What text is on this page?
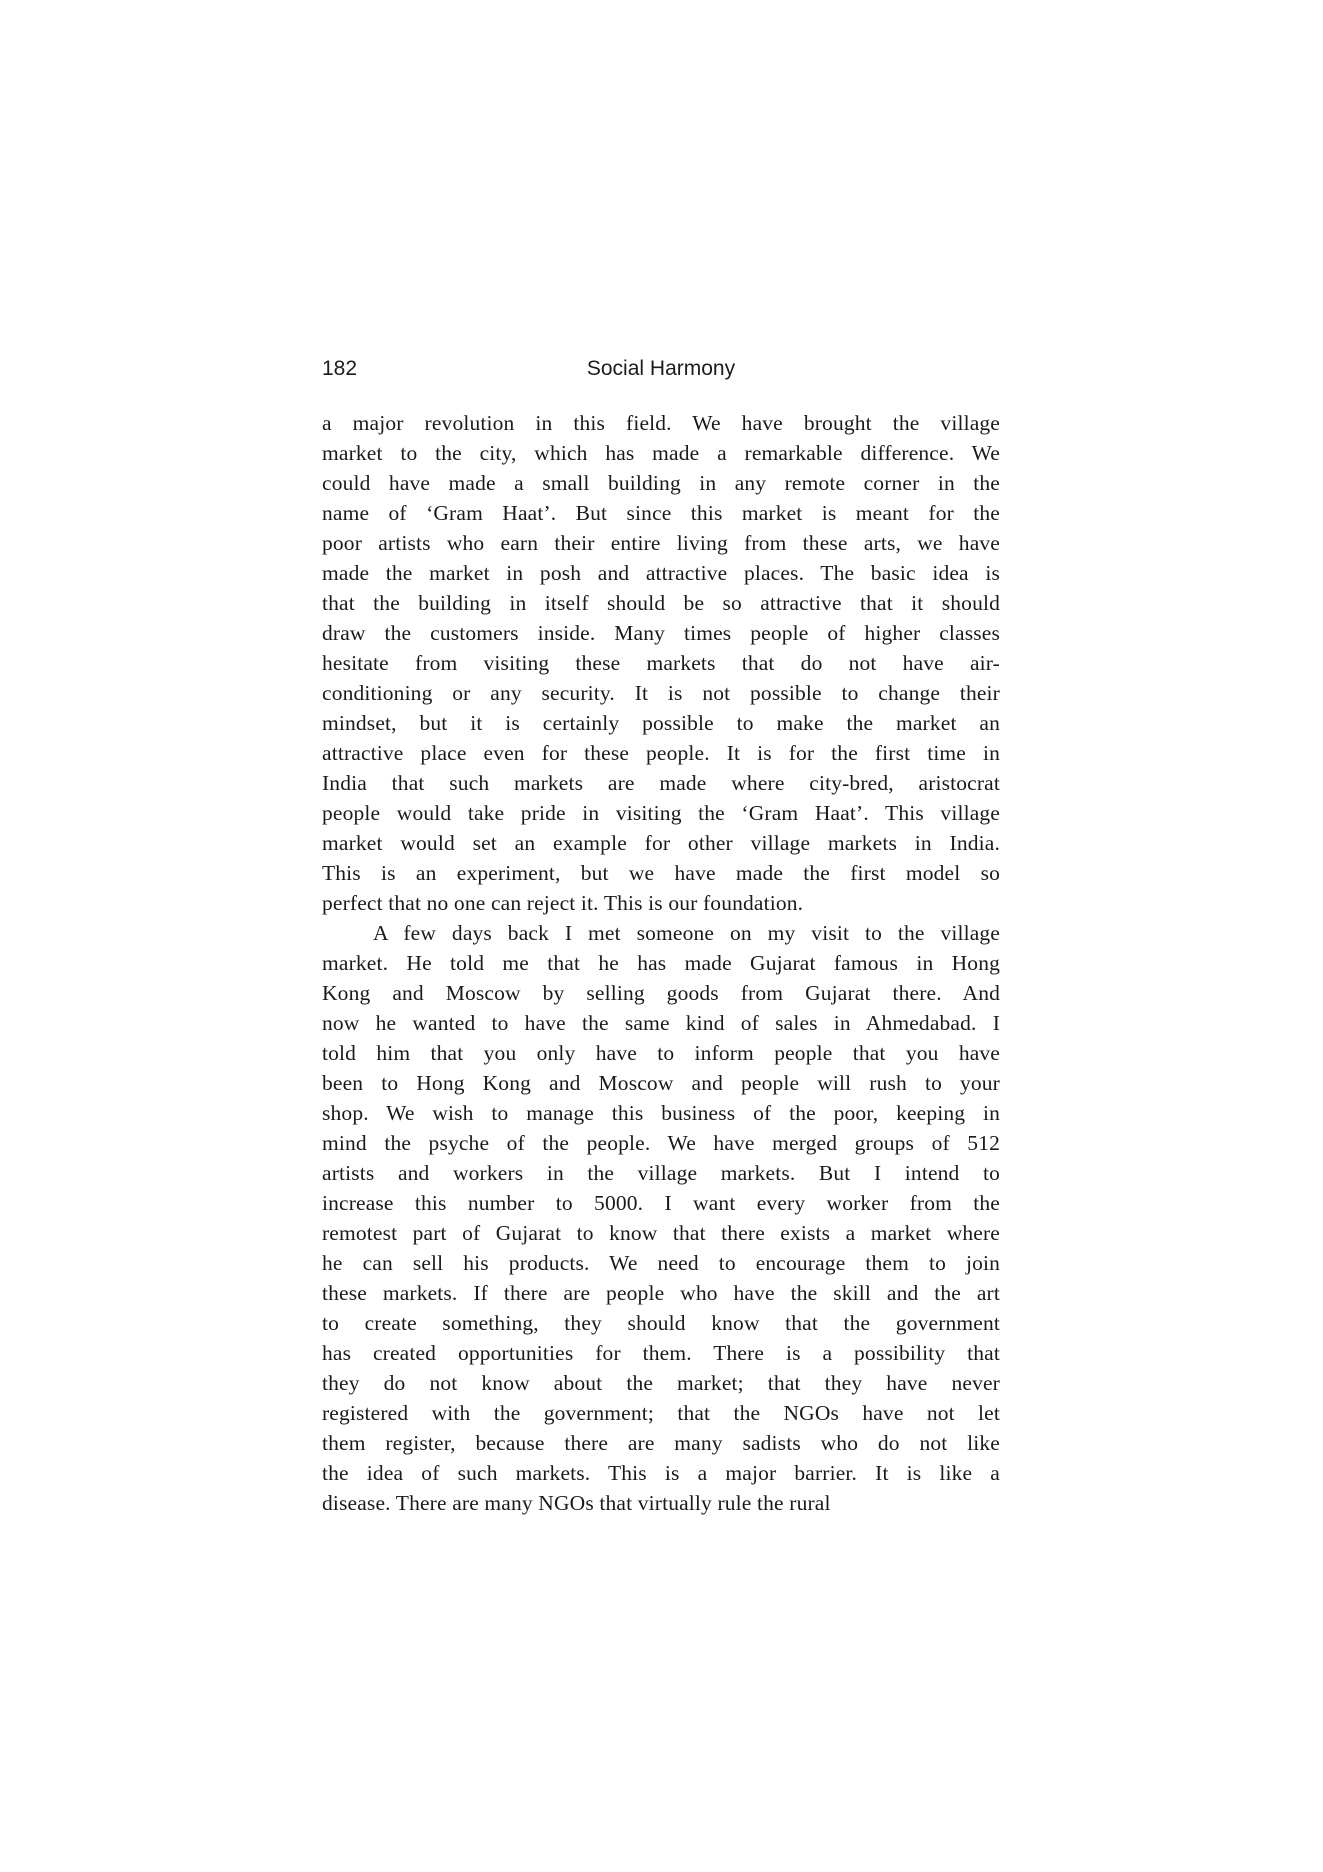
182	Social Harmony
a major revolution in this field. We have brought the village
market to the city, which has made a remarkable difference. We
could have made a small building in any remote corner in the
name of ‘Gram Haat’. But since this market is meant for the
poor artists who earn their entire living from these arts, we have
made the market in posh and attractive places. The basic idea is
that the building in itself should be so attractive that it should
draw the customers inside. Many times people of higher classes
hesitate from visiting these markets that do not have air-
conditioning or any security. It is not possible to change their
mindset, but it is certainly possible to make the market an
attractive place even for these people. It is for the first time in
India that such markets are made where city-bred, aristocrat
people would take pride in visiting the ‘Gram Haat’. This village
market would set an example for other village markets in India.
This is an experiment, but we have made the first model so
perfect that no one can reject it. This is our foundation.
A few days back I met someone on my visit to the village
market. He told me that he has made Gujarat famous in Hong
Kong and Moscow by selling goods from Gujarat there. And
now he wanted to have the same kind of sales in Ahmedabad. I
told him that you only have to inform people that you have
been to Hong Kong and Moscow and people will rush to your
shop. We wish to manage this business of the poor, keeping in
mind the psyche of the people. We have merged groups of 512
artists and workers in the village markets. But I intend to
increase this number to 5000. I want every worker from the
remotest part of Gujarat to know that there exists a market where
he can sell his products. We need to encourage them to join
these markets. If there are people who have the skill and the art
to create something, they should know that the government
has created opportunities for them. There is a possibility that
they do not know about the market; that they have never
registered with the government; that the NGOs have not let
them register, because there are many sadists who do not like
the idea of such markets. This is a major barrier. It is like a
disease. There are many NGOs that virtually rule the rural
